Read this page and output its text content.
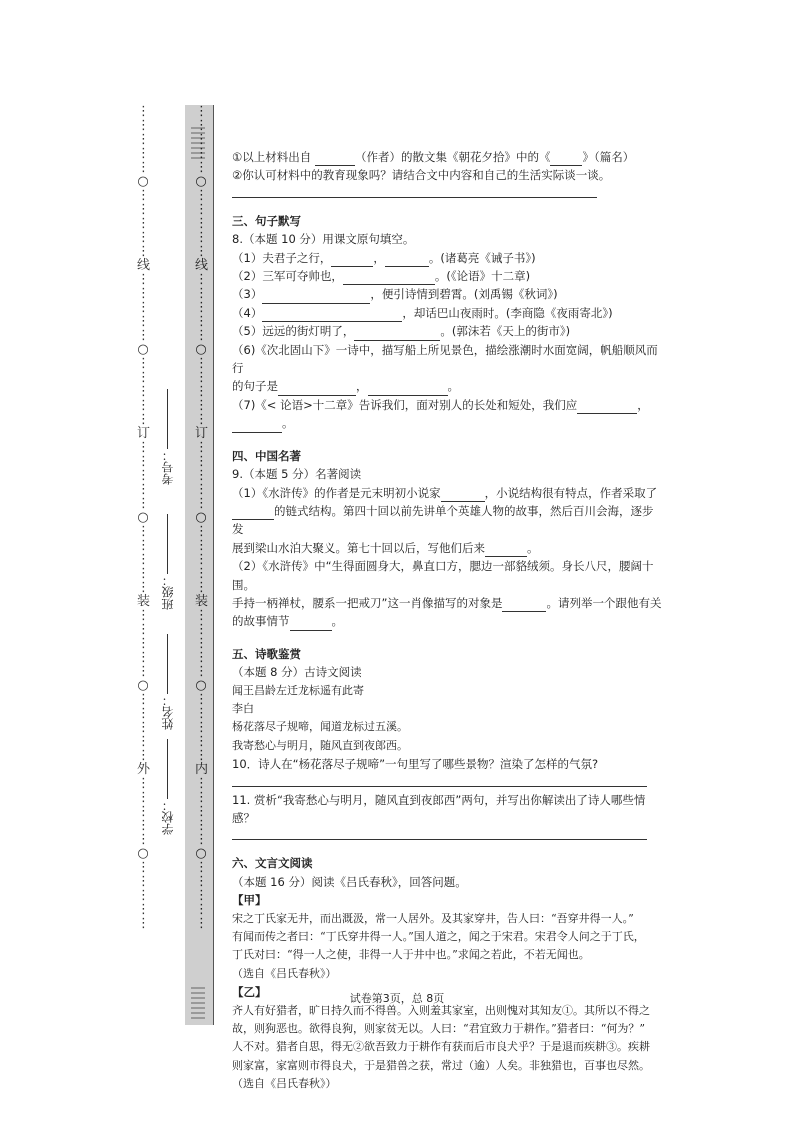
⋮
⋮
⋮
⋮
⋮
○
⋮
⋮
⋮
⋮
⋮
线
⋮
⋮
⋮
⋮
⋮
○
⋮
⋮
⋮
⋮
⋮
订
⋮
⋮
⋮
⋮
⋮
○
⋮
⋮
⋮
⋮
⋮
装
⋮
⋮
⋮
⋮
⋮
○
⋮
⋮
⋮
⋮
⋮
外
⋮
⋮
⋮
⋮
⋮
○
⋮
⋮
⋮
⋮
⋮
⋮
⋮
⋮
⋮
⋮
○
⋮
⋮
⋮
⋮
⋮
线
⋮
⋮
⋮
⋮
⋮
○
⋮
⋮
⋮
⋮
⋮
订
⋮
⋮
⋮
⋮
⋮
○
⋮
⋮
⋮
⋮
⋮
装
⋮
⋮
⋮
⋮
⋮
○
⋮
⋮
⋮
⋮
⋮
内
⋮
⋮
⋮
⋮
⋮
○
⋮
⋮
⋮
⋮
⋮
考号：
班级：
姓名：
学校：

①以上材料出自	（作者）的散文集《朝花夕拾》中的《	》（篇名）

②你认可材料中的教育现象吗？请结合文中内容和自己的生活实际谈一谈。

三、句子默写

8.（本题 10 分）用课文原句填空。

（1）夫君子之行，	，	。(诸葛亮《诫子书》)

（2）三军可夺帅也，	。(《论语》十二章)

（3）	，便引诗情到碧霄。(刘禹锡《秋词》)

（4）	，却话巴山夜雨时。(李商隐《夜雨寄北》)

（5）远远的街灯明了，	。(郭沫若《天上的街市》)

（6)《次北固山下》一诗中，描写船上所见景色，描绘涨潮时水面宽阔，帆船顺风而行

的句子是	，	。

（7)《< 论语>十二章》告诉我们，面对别人的长处和短处，我们应	，。

四、中国名著

9.（本题 5 分）名著阅读

（1）《水浒传》的作者是元末明初小说家	，小说结构很有特点，作者采取了

的链式结构。第四十回以前先讲单个英雄人物的故事，然后百川会海，逐步发

展到梁山水泊大聚义。第七十回以后，写他们后来	。

（2）《水浒传》中“生得面圆身大，鼻直口方，腮边一部貉绒须。身长八尺，腰阔十围。

手持一柄禅杖，腰系一把戒刀”这一肖像描写的对象是	。请列举一个跟他有关

的故事情节	。

五、诗歌鉴赏

（本题 8 分）古诗文阅读

闻王昌龄左迁龙标遥有此寄

李白

杨花落尽子规啼，闻道龙标过五溪。

我寄愁心与明月，随风直到夜郎西。

10．诗人在“杨花落尽子规啼”一句里写了哪些景物？渲染了怎样的气氛?

11. 赏析“我寄愁心与明月，随风直到夜郎西”两句，并写出你解读出了诗人哪些情感？

六、文言文阅读

（本题 16 分）阅读《吕氏春秋》，回答问题。

【甲】

宋之丁氏家无井，而出溉汲，常一人居外。及其家穿井，告人曰：“吾穿井得一人。”

有闻而传之者曰：“丁氏穿井得一人。”国人道之，闻之于宋君。宋君令人问之于丁氏，

丁氏对曰：“得一人之使，非得一人于井中也。”求闻之若此，不若无闻也。

（选自《吕氏春秋》）

【乙】

齐人有好猎者，旷日持久而不得兽。入则羞其家室，出则愧对其知友①。其所以不得之

故，则狗恶也。欲得良狗，则家贫无以。人曰：“君宜致力于耕作。”猎者曰：“何为？”

人不对。猎者自思，得无②欲吾致力于耕作有获而后市良犬乎？于是退而疾耕③。疾耕

则家富，家富则市得良犬，于是猎兽之获，常过（逾）人矣。非独猎也，百事也尽然。

（选自《吕氏春秋》）

试卷第3页，总 8页
